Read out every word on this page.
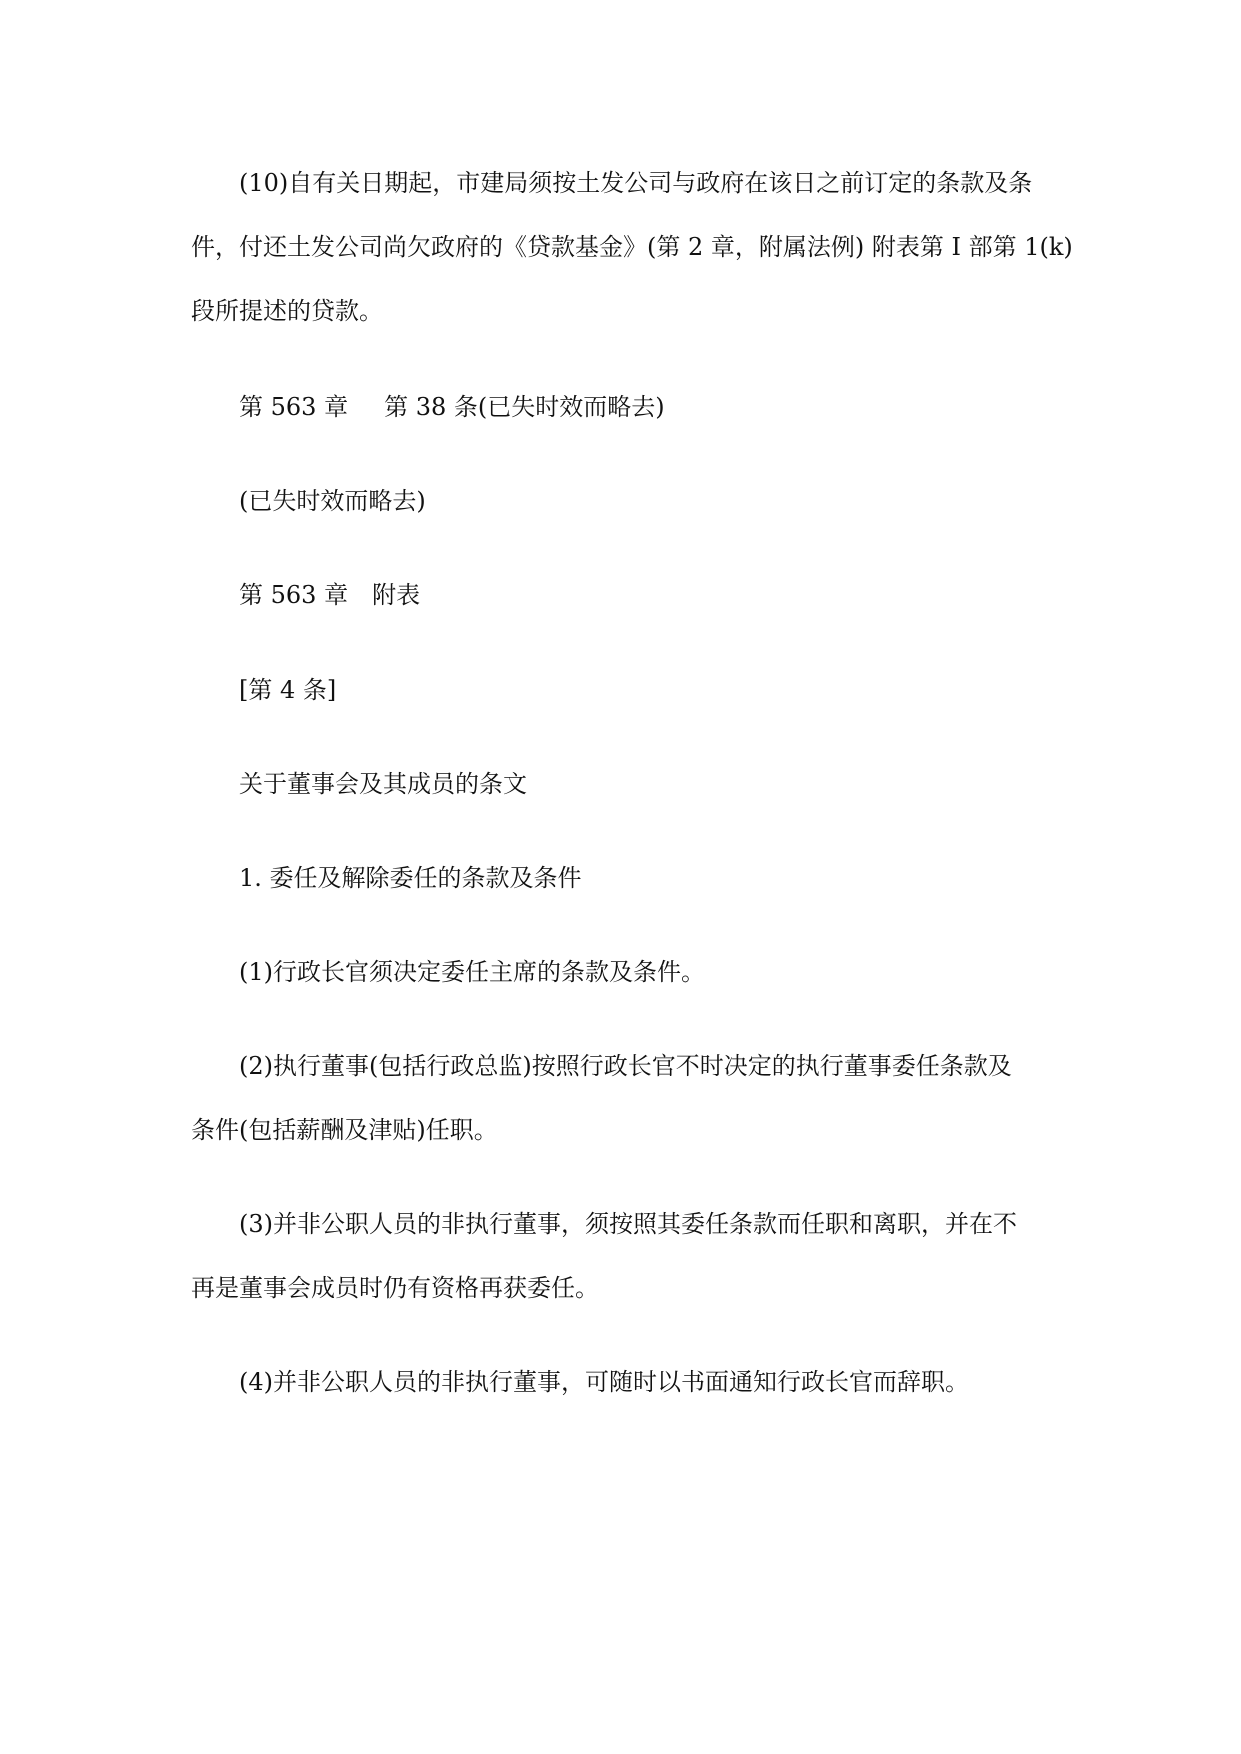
(10)自有关日期起，市建局须按土发公司与政府在该日之前订定的条款及条
件，付还土发公司尚欠政府的《贷款基金》(第 2 章，附属法例) 附表第 I 部第 1(k)
段所提述的贷款。

第 563 章 第 38 条(已失时效而略去)

(已失时效而略去)

第 563 章 附表

[第 4 条]

关于董事会及其成员的条文

1. 委任及解除委任的条款及条件

(1)行政长官须决定委任主席的条款及条件。

(2)执行董事(包括行政总监)按照行政长官不时决定的执行董事委任条款及
条件(包括薪酬及津贴)任职。

(3)并非公职人员的非执行董事，须按照其委任条款而任职和离职，并在不
再是董事会成员时仍有资格再获委任。

(4)并非公职人员的非执行董事，可随时以书面通知行政长官而辞职。
